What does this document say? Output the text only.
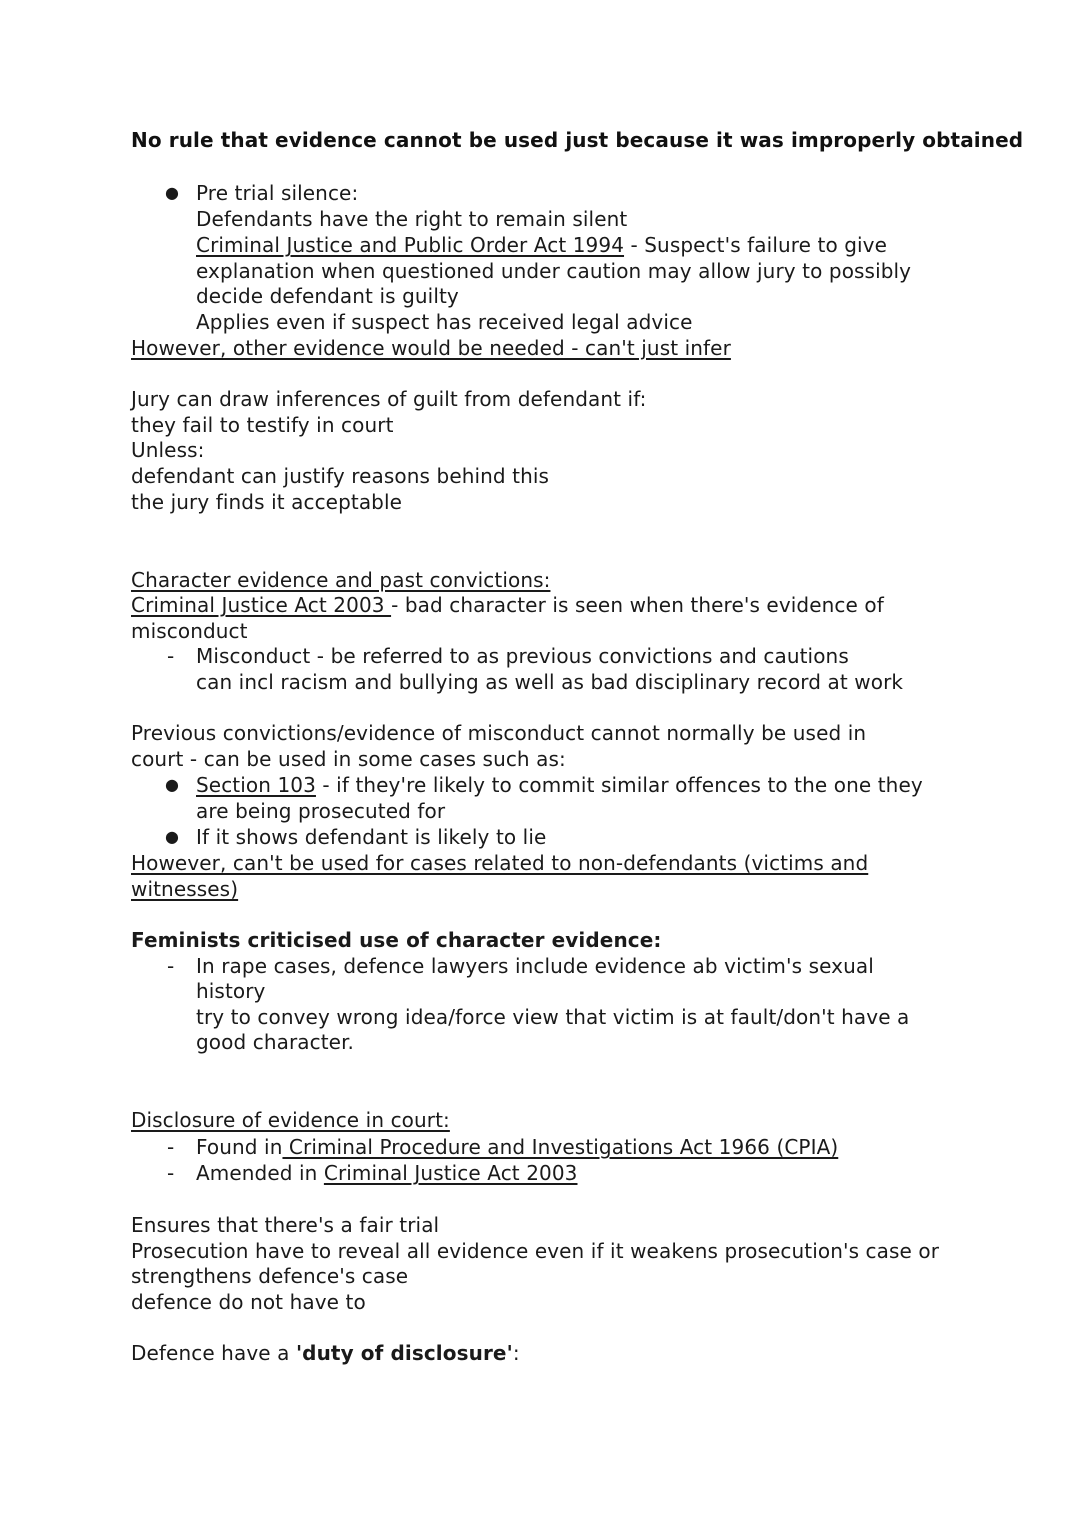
No rule that evidence cannot be used just because it was improperly obtained
● Pre trial silence:
Defendants have the right to remain silent
Criminal Justice and Public Order Act 1994 - Suspect's failure to give
explanation when questioned under caution may allow jury to possibly
decide defendant is guilty
Applies even if suspect has received legal advice
However, other evidence would be needed - can't just infer
Jury can draw inferences of guilt from defendant if:
they fail to testify in court
Unless:
defendant can justify reasons behind this
the jury finds it acceptable
Character evidence and past convictions:
Criminal Justice Act 2003 - bad character is seen when there's evidence of
misconduct
- Misconduct - be referred to as previous convictions and cautions
can incl racism and bullying as well as bad disciplinary record at work
Previous convictions/evidence of misconduct cannot normally be used in
court - can be used in some cases such as:
● Section 103 - if they're likely to commit similar offences to the one they
are being prosecuted for
● If it shows defendant is likely to lie
However, can't be used for cases related to non-defendants (victims and
witnesses)
Feminists criticised use of character evidence:
- In rape cases, defence lawyers include evidence ab victim's sexual
history
try to convey wrong idea/force view that victim is at fault/don't have a
good character.
Disclosure of evidence in court:
- Found in Criminal Procedure and Investigations Act 1966 (CPIA)
- Amended in Criminal Justice Act 2003
Ensures that there's a fair trial
Prosecution have to reveal all evidence even if it weakens prosecution's case or
strengthens defence's case
defence do not have to
Defence have a 'duty of disclosure':
